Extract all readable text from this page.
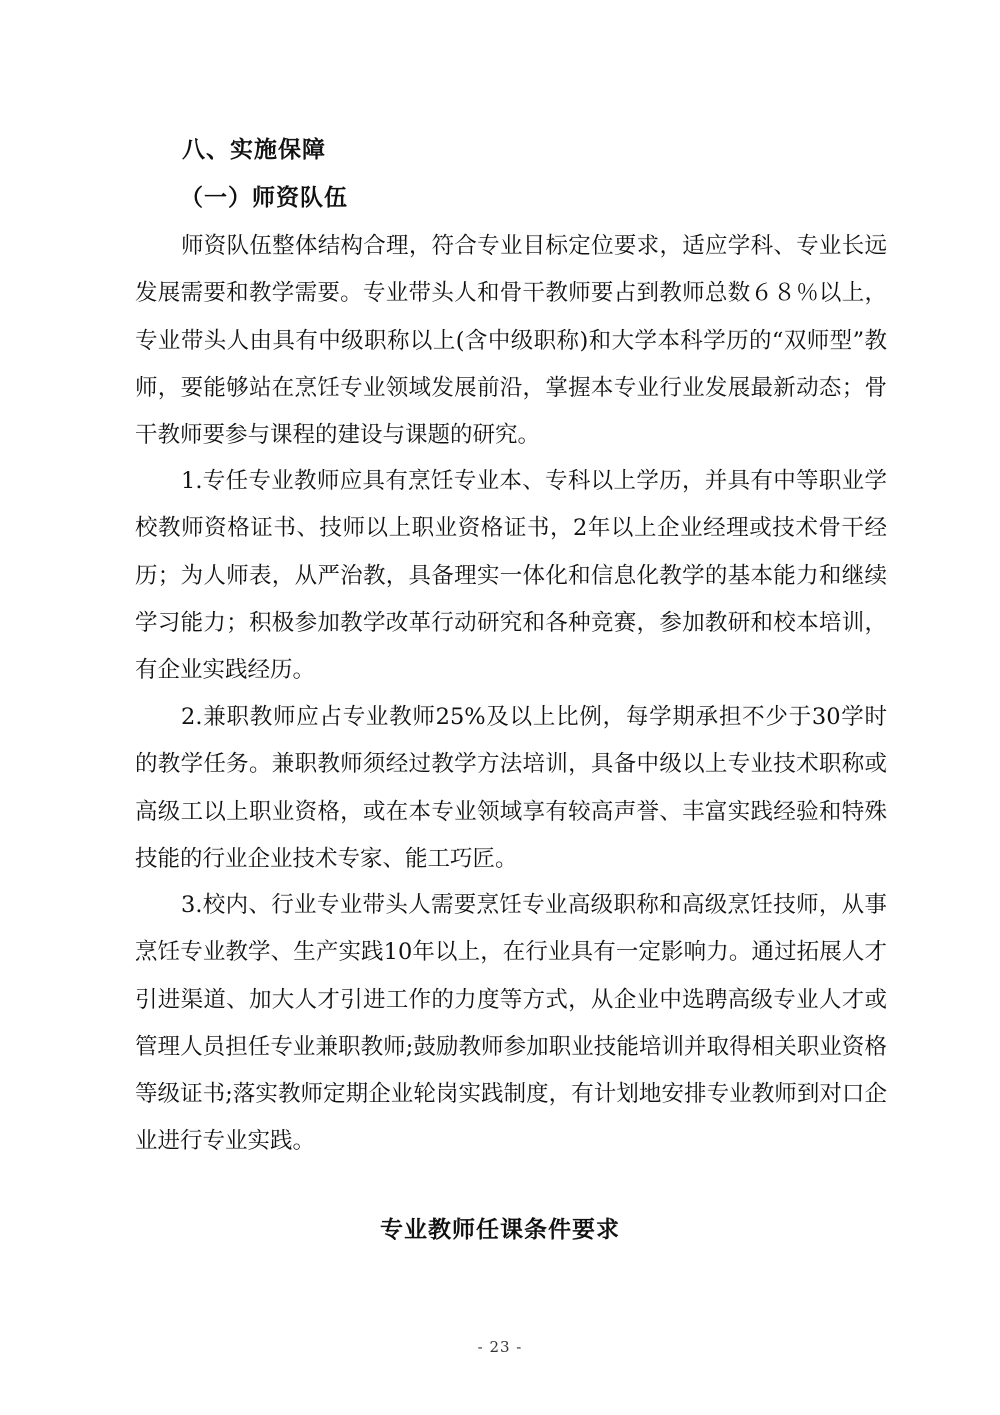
八、实施保障
（一）师资队伍

师资队伍整体结构合理，符合专业目标定位要求，适应学科、专业长远发展需要和教学需要。专业带头人和骨干教师要占到教师总数６８％以上，专业带头人由具有中级职称以上(含中级职称)和大学本科学历的“双师型”教师，要能够站在烹饪专业领域发展前沿，掌握本专业行业发展最新动态；骨干教师要参与课程的建设与课题的研究。

1.专任专业教师应具有烹饪专业本、专科以上学历，并具有中等职业学校教师资格证书、技师以上职业资格证书，2年以上企业经理或技术骨干经历；为人师表，从严治教，具备理实一体化和信息化教学的基本能力和继续学习能力；积极参加教学改革行动研究和各种竞赛，参加教研和校本培训，有企业实践经历。

2.兼职教师应占专业教师25%及以上比例，每学期承担不少于30学时的教学任务。兼职教师须经过教学方法培训，具备中级以上专业技术职称或高级工以上职业资格，或在本专业领域享有较高声誉、丰富实践经验和特殊技能的行业企业技术专家、能工巧匠。

3.校内、行业专业带头人需要烹饪专业高级职称和高级烹饪技师，从事烹饪专业教学、生产实践10年以上，在行业具有一定影响力。通过拓展人才引进渠道、加大人才引进工作的力度等方式，从企业中选聘高级专业人才或管理人员担任专业兼职教师;鼓励教师参加职业技能培训并取得相关职业资格等级证书;落实教师定期企业轮岗实践制度，有计划地安排专业教师到对口企业进行专业实践。

专业教师任课条件要求
- 23 -
